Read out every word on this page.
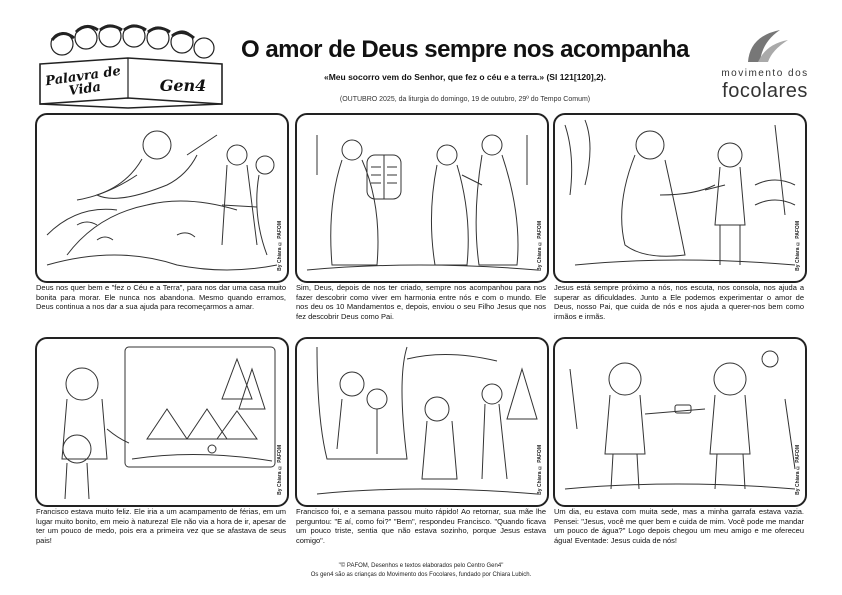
Palavra de Vida	Gen4
O amor de Deus sempre nos acompanha
«Meu socorro vem do Senhor, que fez o céu e a terra.» (Sl 121[120],2).
(OUTUBRO 2025, da liturgia do domingo, 19 de outubro, 29º do Tempo Comum)
movimento dos
focolares
By Chiara © PAFOM
Deus nos quer bem e "fez o Céu e a Terra", para nos dar uma casa muito bonita para morar. Ele nunca nos abandona. Mesmo quando erramos, Deus continua a nos dar a sua ajuda para recomeçarmos a amar.
By Chiara © PAFOM
Sim, Deus, depois de nos ter criado, sempre nos acompanhou para nos fazer descobrir como viver em harmonia entre nós e com o mundo. Ele nos deu os 10 Mandamentos e, depois, enviou o seu Filho Jesus que nos fez descobrir Deus como Pai.
By Chiara © PAFOM
Jesus está sempre próximo a nós, nos escuta, nos consola, nos ajuda a superar as dificuldades. Junto a Ele podemos experimentar o amor de Deus, nosso Pai, que cuida de nós e nos ajuda a querer-nos bem como irmãos e irmãs.
By Chiara © PAFOM
Francisco estava muito feliz. Ele iria a um acampamento de férias, em um lugar muito bonito, em meio à natureza! Ele não via a hora de ir, apesar de ter um pouco de medo, pois era a primeira vez que se afastava de seus pais!
By Chiara © PAFOM
Francisco foi, e a semana passou muito rápido! Ao retornar, sua mãe lhe perguntou: "E aí, como foi?" "Bem", respondeu Francisco. "Quando ficava um pouco triste, sentia que não estava sozinho, porque Jesus estava comigo".
By Chiara © PAFOM
Um dia, eu estava com muita sede, mas a minha garrafa estava vazia. Pensei: "Jesus, você me quer bem e cuida de mim. Você pode me mandar um pouco de água?" Logo depois chegou um meu amigo e me ofereceu água! Eventade: Jesus cuida de nós!
"© PAFOM, Desenhos e textos elaborados pelo Centro Gen4"
Os gen4 são as crianças do Movimento dos Focolares, fundado por Chiara Lubich.
